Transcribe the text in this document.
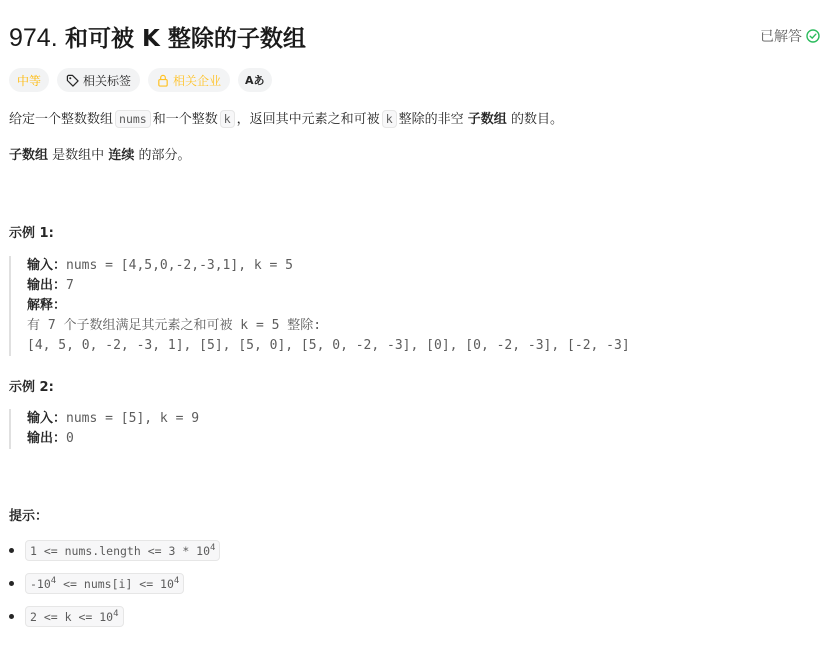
974. 和可被 K 整除的子数组	已解答
中等	相关标签	相关企业 Aあ
给定一个整数数组 nums 和一个整数 k ，返回其中元素之和可被 k 整除的非空 子数组 的数目。
子数组 是数组中 连续 的部分。
示例 1:
输入：nums = [4,5,0,-2,-3,1], k = 5
输出：7
解释：
有 7 个子数组满足其元素之和可被 k = 5 整除:
[4, 5, 0, -2, -3, 1], [5], [5, 0], [5, 0, -2, -3], [0], [0, -2, -3], [-2, -3]
示例 2:
输入：nums = [5], k = 9
输出：0
提示：
1 <= nums.length <= $3 * 10^4$
$-10^4$ <= nums[i] <= $10^4$
$2 <= k <= 10^4$
